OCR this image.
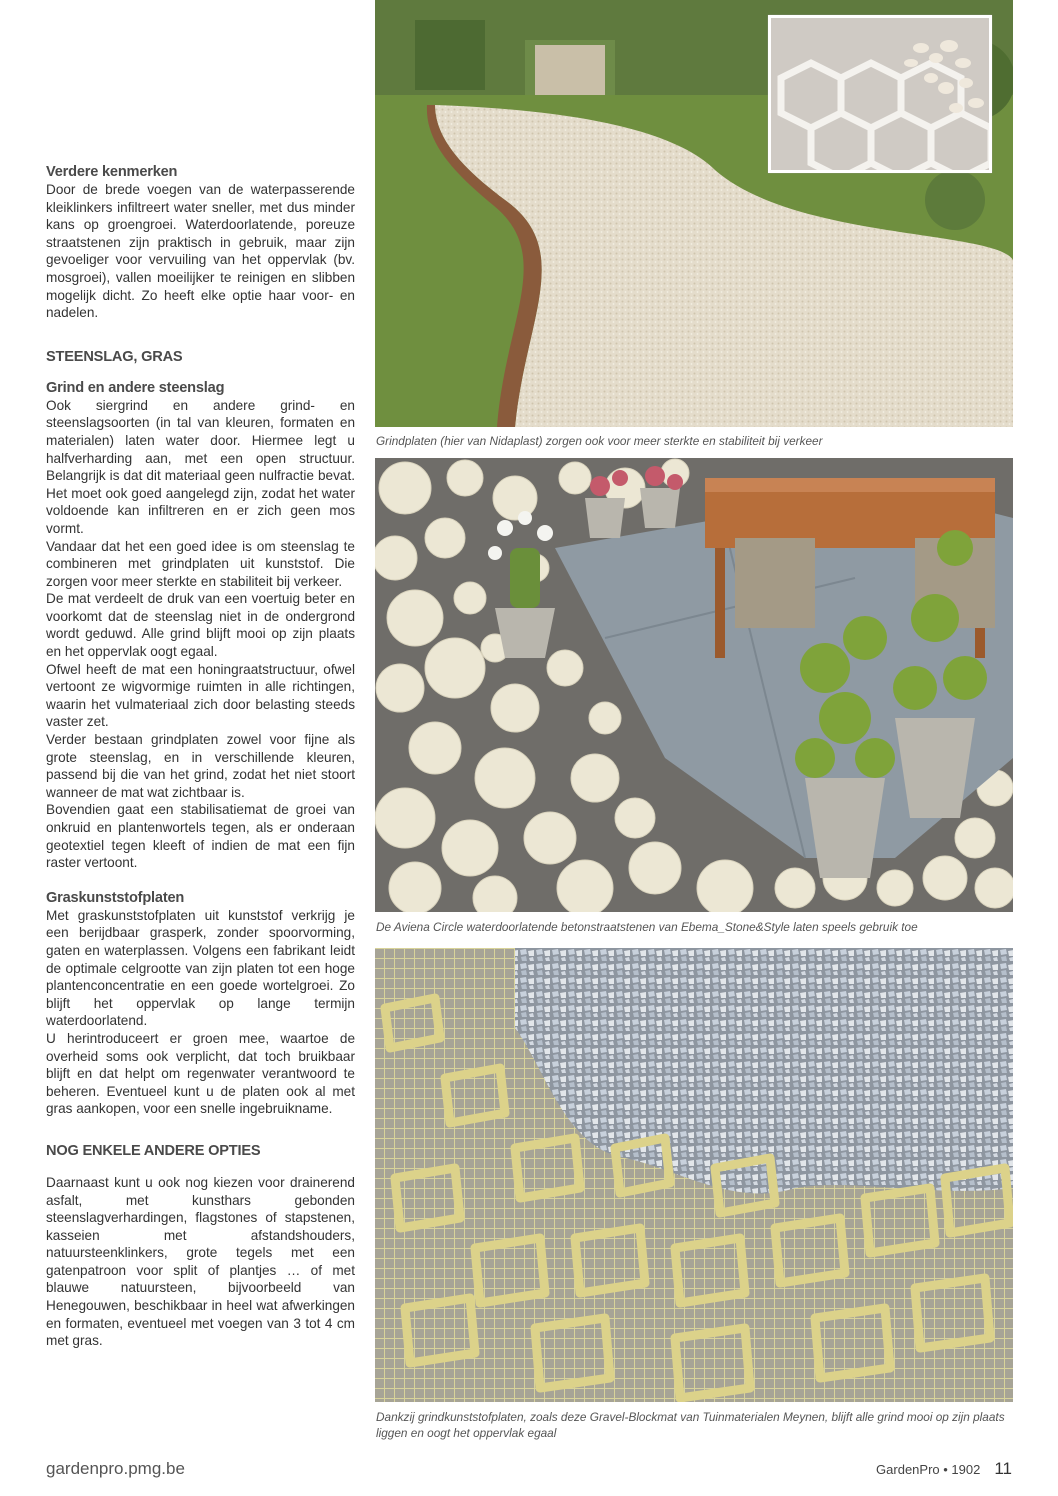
Verdere kenmerken

Door de brede voegen van de waterpasserende kleiklinkers infiltreert water sneller, met dus minder kans op groengroei. Waterdoorlatende, poreuze straatstenen zijn praktisch in gebruik, maar zijn gevoeliger voor vervuiling van het oppervlak (bv. mosgroei), vallen moeilijker te reinigen en slibben mogelijk dicht. Zo heeft elke optie haar voor- en nadelen.

STEENSLAG, GRAS
Grind en andere steenslag

Ook siergrind en andere grind- en steenslagsoorten (in tal van kleuren, formaten en materialen) laten water door. Hiermee legt u halfverharding aan, met een open structuur. Belangrijk is dat dit materiaal geen nulfractie bevat. Het moet ook goed aangelegd zijn, zodat het water voldoende kan infiltreren en er zich geen mos vormt.

Vandaar dat het een goed idee is om steenslag te combineren met grindplaten uit kunststof. Die zorgen voor meer sterkte en stabiliteit bij verkeer.

De mat verdeelt de druk van een voertuig beter en voorkomt dat de steenslag niet in de ondergrond wordt geduwd. Alle grind blijft mooi op zijn plaats en het oppervlak oogt egaal.

Ofwel heeft de mat een honingraatstructuur, ofwel vertoont ze wigvormige ruimten in alle richtingen, waarin het vulmateriaal zich door belasting steeds vaster zet.

Verder bestaan grindplaten zowel voor fijne als grote steenslag, en in verschillende kleuren, passend bij die van het grind, zodat het niet stoort wanneer de mat wat zichtbaar is.

Bovendien gaat een stabilisatiemat de groei van onkruid en plantenwortels tegen, als er onderaan geotextiel tegen kleeft of indien de mat een fijn raster vertoont.

Graskunststofplaten

Met graskunststofplaten uit kunststof verkrijg je een berijdbaar grasperk, zonder spoorvorming, gaten en waterplassen. Volgens een fabrikant leidt de optimale celgrootte van zijn platen tot een hoge plantenconcentratie en een goede wortelgroei. Zo blijft het oppervlak op lange termijn waterdoorlatend.

U herintroduceert er groen mee, waartoe de overheid soms ook verplicht, dat toch bruikbaar blijft en dat helpt om regenwater verantwoord te beheren. Eventueel kunt u de platen ook al met gras aankopen, voor een snelle ingebruikname.

NOG ENKELE ANDERE OPTIES

Daarnaast kunt u ook nog kiezen voor drainerend asfalt, met kunsthars gebonden steenslagverhardingen, flagstones of stapstenen, kasseien met afstandshouders, natuursteenklinkers, grote tegels met een gatenpatroon voor split of plantjes … of met blauwe natuursteen, bijvoorbeeld van Henegouwen, beschikbaar in heel wat afwerkingen en formaten, eventueel met voegen van 3 tot 4 cm met gras.

Grindplaten (hier van Nidaplast) zorgen ook voor meer sterkte en stabiliteit bij verkeer
De Aviena Circle waterdoorlatende betonstraatstenen van Ebema_Stone&Style laten speels gebruik toe
Dankzij grindkunststofplaten, zoals deze Gravel-Blockmat van Tuinmaterialen Meynen, blijft alle grind mooi op zijn plaats liggen en oogt het oppervlak egaal
gardenpro.pmg.be	GardenPro • 1902 11
